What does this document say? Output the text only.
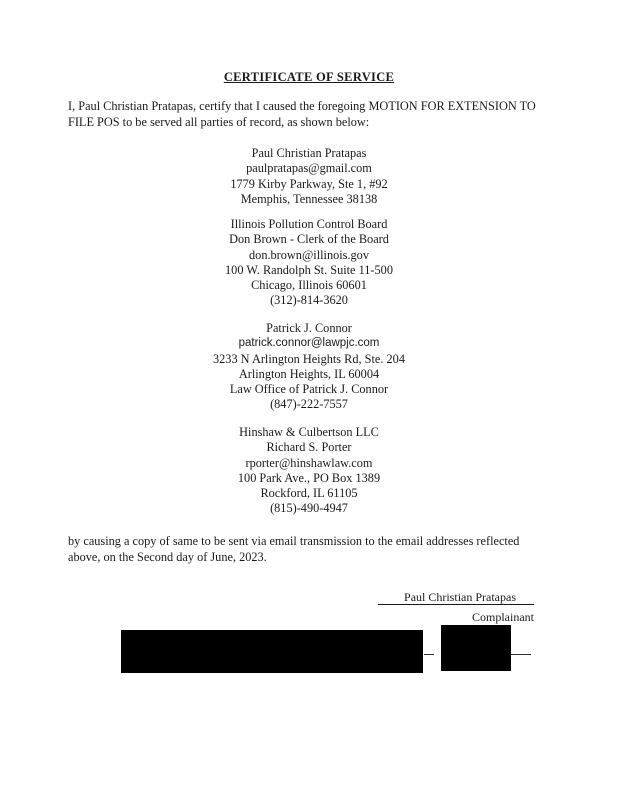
CERTIFICATE OF SERVICE
I, Paul Christian Pratapas, certify that I caused the foregoing MOTION FOR EXTENSION TO
FILE POS to be served all parties of record, as shown below:
Paul Christian Pratapas
paulpratapas@gmail.com
1779 Kirby Parkway, Ste 1, #92
Memphis, Tennessee 38138
Illinois Pollution Control Board
Don Brown - Clerk of the Board
don.brown@illinois.gov
100 W. Randolph St. Suite 11-500
Chicago, Illinois 60601
(312)-814-3620
Patrick J. Connor
patrick.connor@lawpjc.com
3233 N Arlington Heights Rd, Ste. 204
Arlington Heights, IL 60004
Law Office of Patrick J. Connor
(847)-222-7557
Hinshaw & Culbertson LLC
Richard S. Porter
rporter@hinshawlaw.com
100 Park Ave., PO Box 1389
Rockford, IL 61105
(815)-490-4947
by causing a copy of same to be sent via email transmission to the email addresses reflected
above, on the Second day of June, 2023.
Paul Christian Pratapas
Complainant
